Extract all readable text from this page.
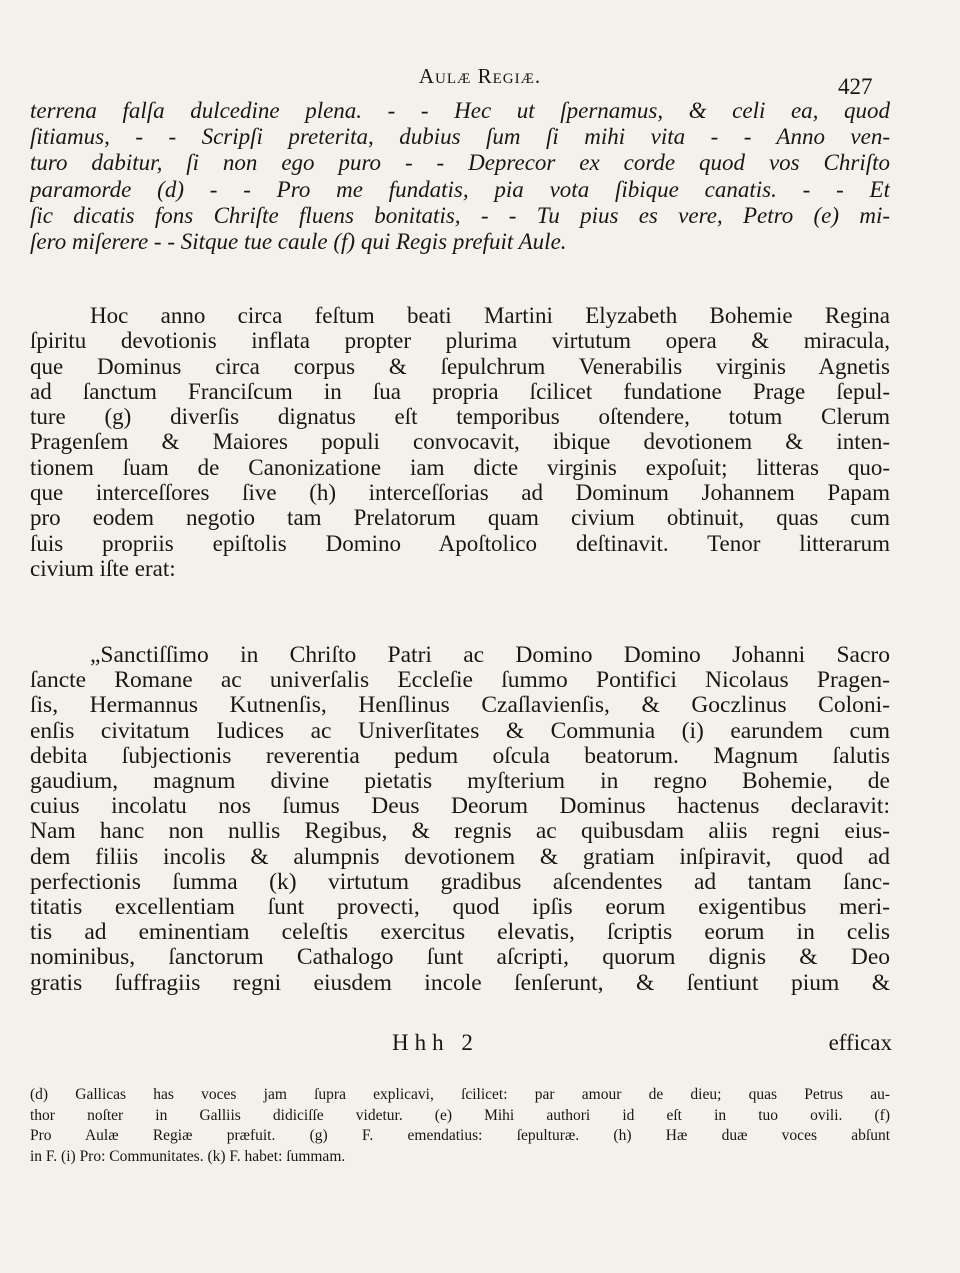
Aulæ Regiæ.	427
terrena falſa dulcedine plena. - - Hec ut ſpernamus, & celi ea, quod
ſitiamus, - - Scripſi preterita, dubius ſum ſi mihi vita - - Anno ven-
turo dabitur, ſi non ego puro - - Deprecor ex corde quod vos Chriſto
paramorde (d) - - Pro me fundatis, pia vota ſibique canatis. - - Et
ſic dicatis fons Chriſte fluens bonitatis, - - Tu pius es vere, Petro (e) mi-
ſero miſerere - - Sitque tue caule (f) qui Regis prefuit Aule.
Hoc anno circa feſtum beati Martini Elyzabeth Bohemie Regina
ſpiritu devotionis inflata propter plurima virtutum opera & miracula,
que Dominus circa corpus & ſepulchrum Venerabilis virginis Agnetis
ad ſanctum Franciſcum in ſua propria ſcilicet fundatione Prage ſepul-
ture (g) diverſis dignatus eſt temporibus oſtendere, totum Clerum
Pragenſem & Maiores populi convocavit, ibique devotionem & inten-
tionem ſuam de Canonizatione iam dicte virginis expoſuit; litteras quo-
que interceſſores ſive (h) interceſſorias ad Dominum Johannem Papam
pro eodem negotio tam Prelatorum quam civium obtinuit, quas cum
ſuis propriis epiſtolis Domino Apoſtolico deſtinavit. Tenor litterarum
civium iſte erat:
„Sanctiſſimo in Chriſto Patri ac Domino Domino Johanni Sacro
ſancte Romane ac univerſalis Eccleſie ſummo Pontifici Nicolaus Pragen-
ſis, Hermannus Kutnenſis, Henſlinus Czaſlavienſis, & Goczlinus Coloni-
enſis civitatum Iudices ac Univerſitates & Communia (i) earundem cum
debita ſubjectionis reverentia pedum oſcula beatorum. Magnum ſalutis
gaudium, magnum divine pietatis myſterium in regno Bohemie, de
cuius incolatu nos ſumus Deus Deorum Dominus hactenus declaravit:
Nam hanc non nullis Regibus, & regnis ac quibusdam aliis regni eius-
dem filiis incolis & alumpnis devotionem & gratiam inſpiravit, quod ad
perfectionis ſumma (k) virtutum gradibus aſcendentes ad tantam ſanc-
titatis excellentiam ſunt provecti, quod ipſis eorum exigentibus meri-
tis ad eminentiam celeſtis exercitus elevatis, ſcriptis eorum in celis
nominibus, ſanctorum Cathalogo ſunt aſcripti, quorum dignis & Deo
gratis ſuffragiis regni eiusdem incole ſenſerunt, & ſentiunt pium &
Hhh 2	efficax
(d) Gallicas has voces jam ſupra explicavi, ſcilicet: par amour de dieu; quas Petrus au-
thor noſter in Galliis didiciſſe videtur. (e) Mihi authori id eſt in tuo ovili. (f)
Pro Aulæ Regiæ præfuit. (g) F. emendatius: ſepulturæ. (h) Hæ duæ voces abſunt
in F. (i) Pro: Communitates. (k) F. habet: ſummam.
